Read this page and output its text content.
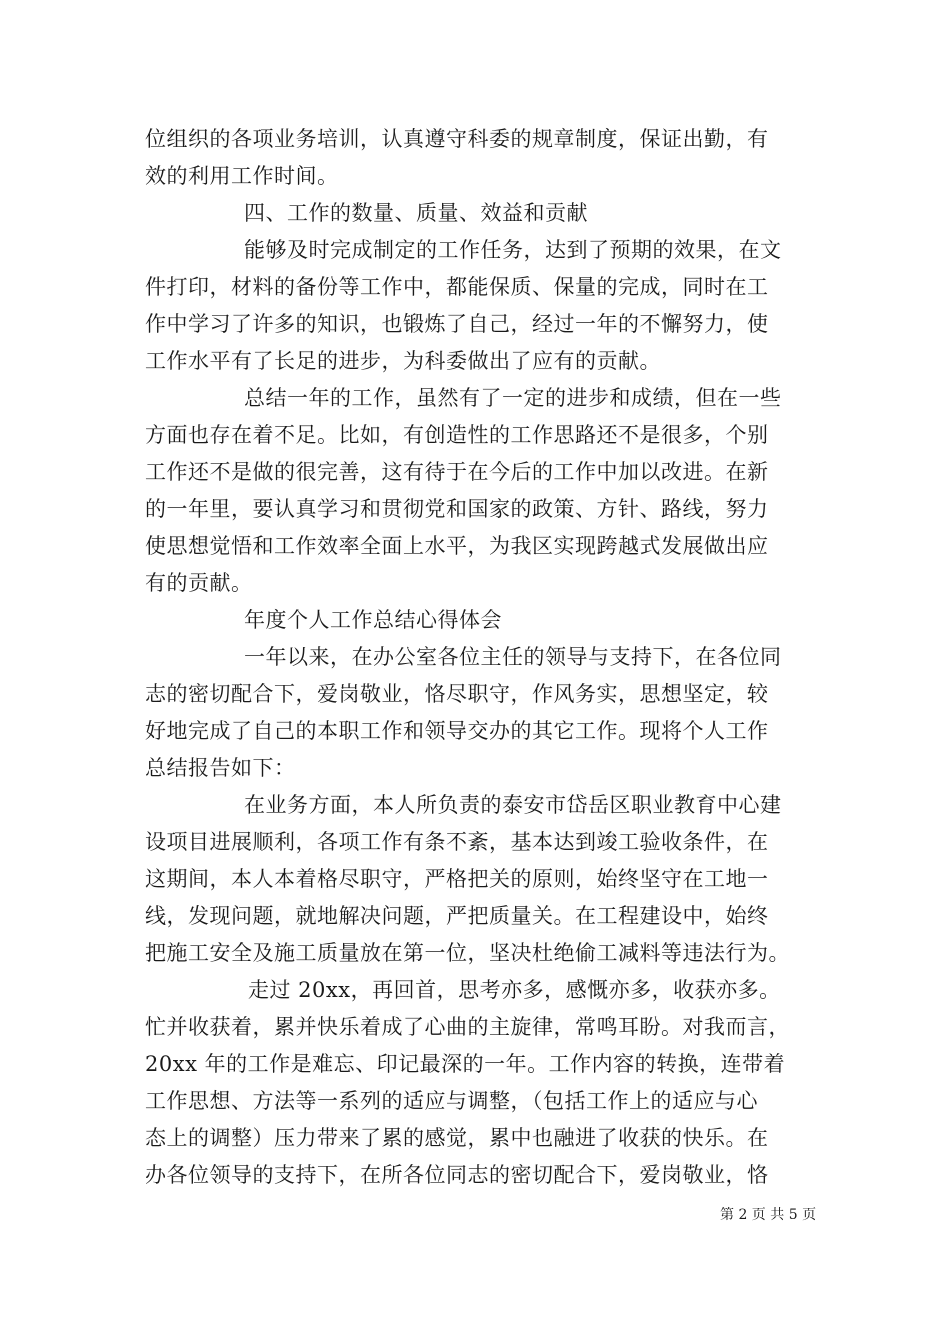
位组织的各项业务培训，认真遵守科委的规章制度，保证出勤，有
效的利用工作时间。
四、工作的数量、质量、效益和贡献
能够及时完成制定的工作任务，达到了预期的效果，在文
件打印，材料的备份等工作中，都能保质、保量的完成，同时在工
作中学习了许多的知识，也锻炼了自己，经过一年的不懈努力，使
工作水平有了长足的进步，为科委做出了应有的贡献。
总结一年的工作，虽然有了一定的进步和成绩，但在一些
方面也存在着不足。比如，有创造性的工作思路还不是很多，个别
工作还不是做的很完善，这有待于在今后的工作中加以改进。在新
的一年里，要认真学习和贯彻党和国家的政策、方针、路线，努力
使思想觉悟和工作效率全面上水平，为我区实现跨越式发展做出应
有的贡献。
年度个人工作总结心得体会
一年以来，在办公室各位主任的领导与支持下，在各位同
志的密切配合下，爱岗敬业，恪尽职守，作风务实，思想坚定，较
好地完成了自己的本职工作和领导交办的其它工作。现将个人工作
总结报告如下：
在业务方面，本人所负责的泰安市岱岳区职业教育中心建
设项目进展顺利，各项工作有条不紊，基本达到竣工验收条件，在
这期间，本人本着格尽职守，严格把关的原则，始终坚守在工地一
线，发现问题，就地解决问题，严把质量关。在工程建设中，始终
把施工安全及施工质量放在第一位，坚决杜绝偷工减料等违法行为。
走过 20xx，再回首，思考亦多，感慨亦多，收获亦多。
忙并收获着，累并快乐着成了心曲的主旋律，常鸣耳盼。对我而言，
20xx 年的工作是难忘、印记最深的一年。工作内容的转换，连带着
工作思想、方法等一系列的适应与调整，（包括工作上的适应与心
态上的调整）压力带来了累的感觉，累中也融进了收获的快乐。在
办各位领导的支持下，在所各位同志的密切配合下，爱岗敬业，恪
第 2 页 共 5 页
